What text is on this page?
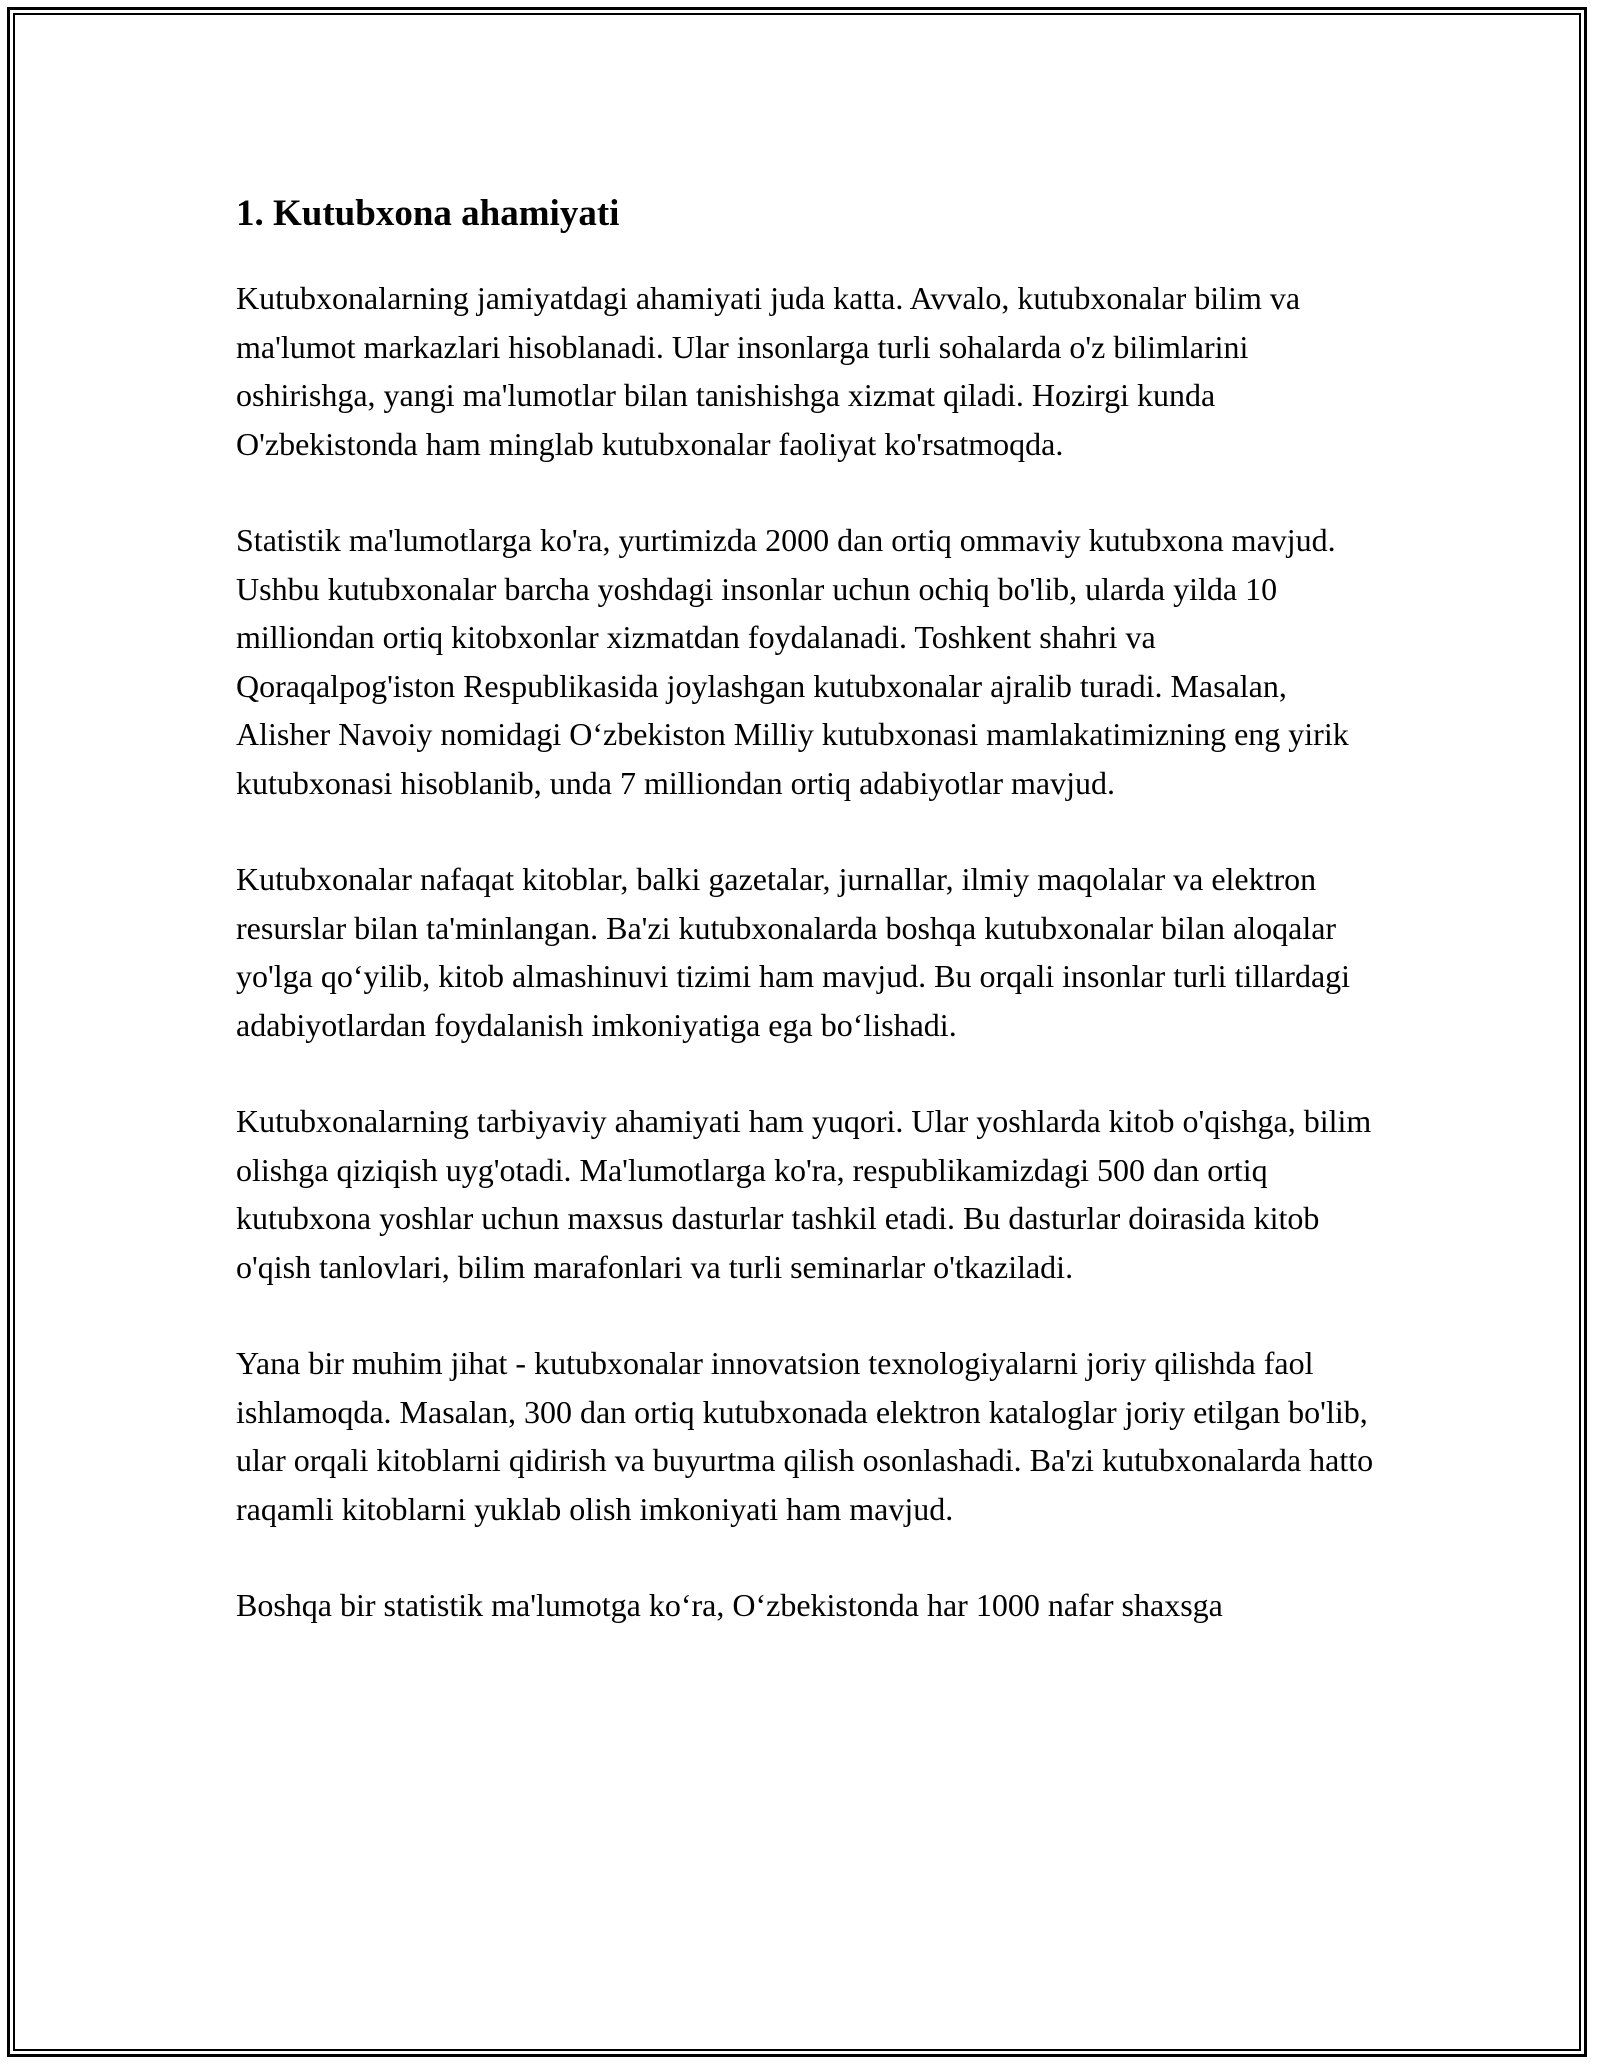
1. Kutubxona ahamiyati

Kutubxonalarning jamiyatdagi ahamiyati juda katta. Avvalo, kutubxonalar bilim va ma'lumot markazlari hisoblanadi. Ular insonlarga turli sohalarda o'z bilimlarini oshirishga, yangi ma'lumotlar bilan tanishishga xizmat qiladi. Hozirgi kunda O'zbekistonda ham minglab kutubxonalar faoliyat ko'rsatmoqda.

Statistik ma'lumotlarga ko'ra, yurtimizda 2000 dan ortiq ommaviy kutubxona mavjud. Ushbu kutubxonalar barcha yoshdagi insonlar uchun ochiq bo'lib, ularda yilda 10 milliondan ortiq kitobxonlar xizmatdan foydalanadi. Toshkent shahri va Qoraqalpog'iston Respublikasida joylashgan kutubxonalar ajralib turadi. Masalan, Alisher Navoiy nomidagi O‘zbekiston Milliy kutubxonasi mamlakatimizning eng yirik kutubxonasi hisoblanib, unda 7 milliondan ortiq adabiyotlar mavjud.

Kutubxonalar nafaqat kitoblar, balki gazetalar, jurnallar, ilmiy maqolalar va elektron resurslar bilan ta'minlangan. Ba'zi kutubxonalarda boshqa kutubxonalar bilan aloqalar yo'lga qo‘yilib, kitob almashinuvi tizimi ham mavjud. Bu orqali insonlar turli tillardagi adabiyotlardan foydalanish imkoniyatiga ega bo‘lishadi.

Kutubxonalarning tarbiyaviy ahamiyati ham yuqori. Ular yoshlarda kitob o'qishga, bilim olishga qiziqish uyg'otadi. Ma'lumotlarga ko'ra, respublikamizdagi 500 dan ortiq kutubxona yoshlar uchun maxsus dasturlar tashkil etadi. Bu dasturlar doirasida kitob o'qish tanlovlari, bilim marafonlari va turli seminarlar o'tkaziladi.

Yana bir muhim jihat - kutubxonalar innovatsion texnologiyalarni joriy qilishda faol ishlamoqda. Masalan, 300 dan ortiq kutubxonada elektron kataloglar joriy etilgan bo'lib, ular orqali kitoblarni qidirish va buyurtma qilish osonlashadi. Ba'zi kutubxonalarda hatto raqamli kitoblarni yuklab olish imkoniyati ham mavjud.

Boshqa bir statistik ma'lumotga ko‘ra, O‘zbekistonda har 1000 nafar shaxsga
